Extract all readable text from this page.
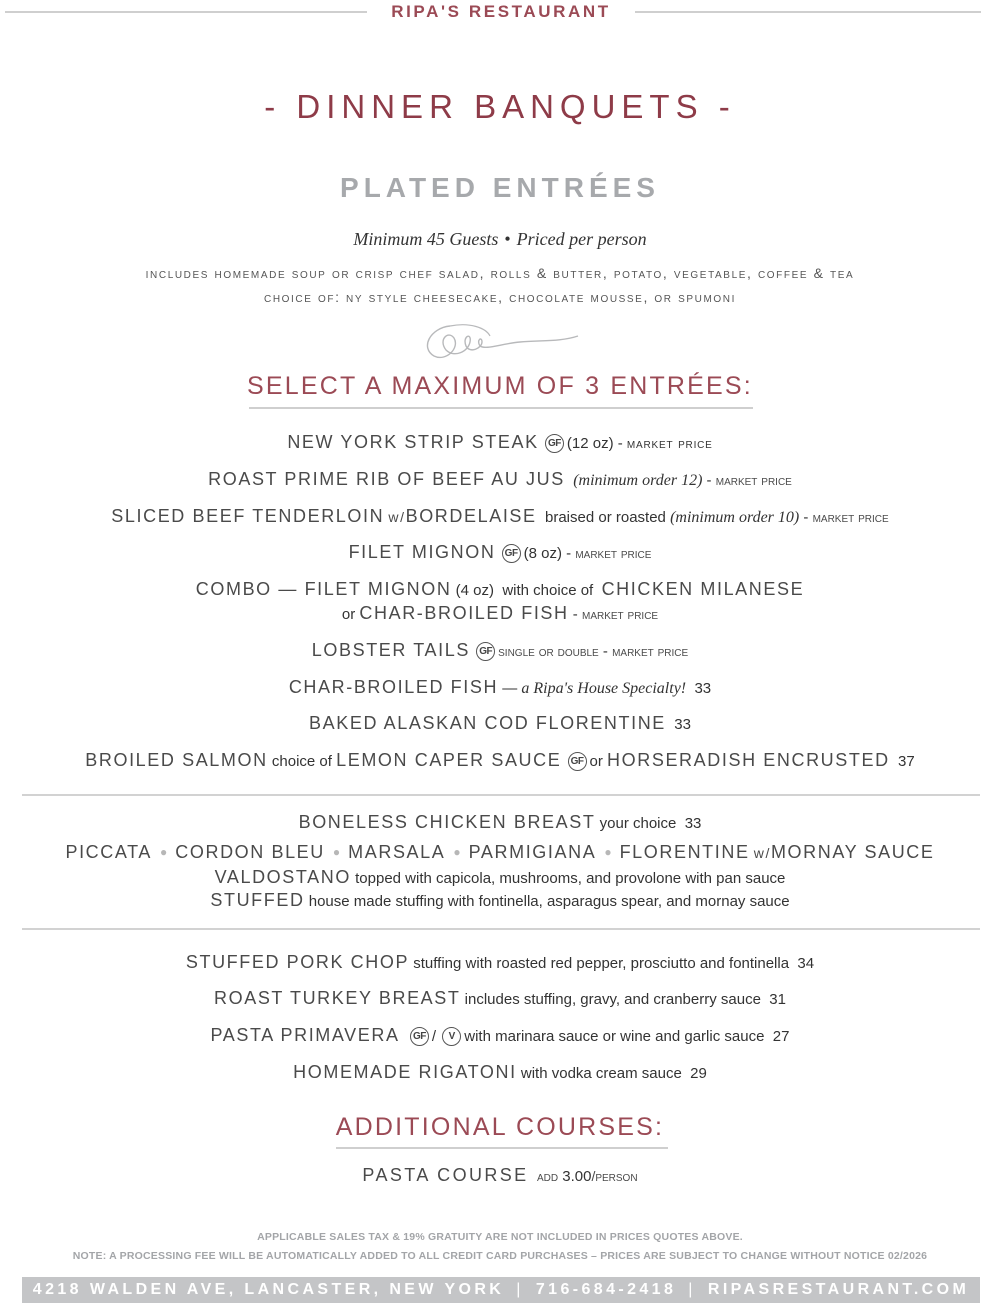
RIPA'S RESTAURANT
- DINNER BANQUETS -
PLATED ENTRÉES
Minimum 45 Guests • Priced per person
includes homemade soup or crisp chef salad, rolls & butter, potato, vegetable, coffee & tea
choice of: ny style cheesecake, chocolate mousse, or spumoni
SELECT A MAXIMUM OF 3 ENTRÉES:
NEW YORK STRIP STEAK GF (12 oz) - market price
ROAST PRIME RIB OF BEEF AU JUS (minimum order 12) - market price
SLICED BEEF TENDERLOIN w/BORDELAISE braised or roasted (minimum order 10) - market price
FILET MIGNON GF (8 oz) - market price
COMBO — FILET MIGNON (4 oz) with choice of CHICKEN MILANESE
or CHAR-BROILED FISH - market price
LOBSTER TAILS GF single or double - market price
CHAR-BROILED FISH — a Ripa's House Specialty! 33
BAKED ALASKAN COD FLORENTINE 33
BROILED SALMON choice of LEMON CAPER SAUCE GF or HORSERADISH ENCRUSTED 37
BONELESS CHICKEN BREAST your choice 33
PICCATA ● CORDON BLEU ● MARSALA ● PARMIGIANA ● FLORENTINE w/MORNAY SAUCE
VALDOSTANO topped with capicola, mushrooms, and provolone with pan sauce
STUFFED house made stuffing with fontinella, asparagus spear, and mornay sauce
STUFFED PORK CHOP stuffing with roasted red pepper, prosciutto and fontinella 34
ROAST TURKEY BREAST includes stuffing, gravy, and cranberry sauce 31
PASTA PRIMAVERA GF / V with marinara sauce or wine and garlic sauce 27
HOMEMADE RIGATONI with vodka cream sauce 29
ADDITIONAL COURSES:
PASTA COURSE add 3.00/person
APPLICABLE SALES TAX & 19% GRATUITY ARE NOT INCLUDED IN PRICES QUOTES ABOVE.
NOTE: A PROCESSING FEE WILL BE AUTOMATICALLY ADDED TO ALL CREDIT CARD PURCHASES – PRICES ARE SUBJECT TO CHANGE WITHOUT NOTICE 02/2026
4218 WALDEN AVE, LANCASTER, NEW YORK | 716-684-2418 | RIPASRESTAURANT.COM
